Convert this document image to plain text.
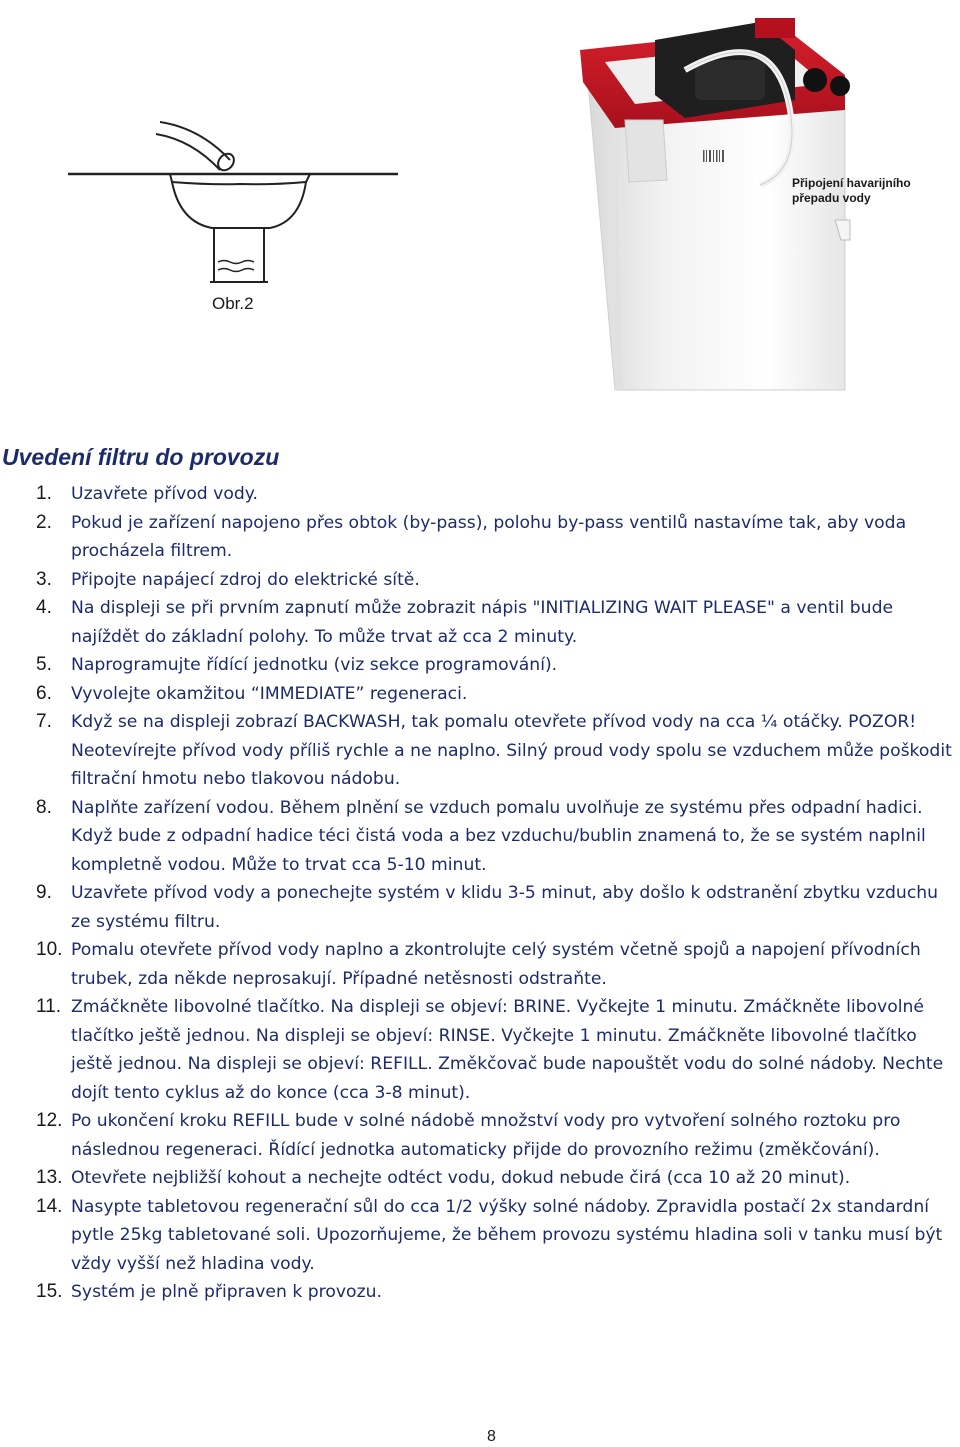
Obr.2
Připojení havarijního přepadu vody
Uvedení filtru do provozu
1. Uzavřete přívod vody.
2. Pokud je zařízení napojeno přes obtok (by-pass), polohu by-pass ventilů nastavíme tak, aby voda procházela filtrem.
3. Připojte napájecí zdroj do elektrické sítě.
4. Na displeji se při prvním zapnutí může zobrazit nápis "INITIALIZING WAIT PLEASE" a ventil bude najíždět do základní polohy. To může trvat až cca 2 minuty.
5. Naprogramujte řídící jednotku (viz sekce programování).
6. Vyvolejte okamžitou “IMMEDIATE” regeneraci.
7. Když se na displeji zobrazí BACKWASH, tak pomalu otevřete přívod vody na cca ¼ otáčky. POZOR! Neotevírejte přívod vody příliš rychle a ne naplno. Silný proud vody spolu se vzduchem může poškodit filtrační hmotu nebo tlakovou nádobu.
8. Naplňte zařízení vodou. Během plnění se vzduch pomalu uvolňuje ze systému přes odpadní hadici. Když bude z odpadní hadice téci čistá voda a bez vzduchu/bublin znamená to, že se systém naplnil kompletně vodou. Může to trvat cca 5-10 minut.
9. Uzavřete přívod vody a ponechejte systém v klidu 3-5 minut, aby došlo k odstranění zbytku vzduchu ze systému filtru.
10. Pomalu otevřete přívod vody naplno a zkontrolujte celý systém včetně spojů a napojení přívodních trubek, zda někde neprosakují. Případné netěsnosti odstraňte.
11. Zmáčkněte libovolné tlačítko. Na displeji se objeví: BRINE. Vyčkejte 1 minutu. Zmáčkněte libovolné tlačítko ještě jednou. Na displeji se objeví: RINSE. Vyčkejte 1 minutu. Zmáčkněte libovolné tlačítko ještě jednou. Na displeji se objeví: REFILL. Změkčovač bude napouštět vodu do solné nádoby. Nechte dojít tento cyklus až do konce (cca 3-8 minut).
12. Po ukončení kroku REFILL bude v solné nádobě množství vody pro vytvoření solného roztoku pro následnou regeneraci. Řídící jednotka automaticky přijde do provozního režimu (změkčování).
13. Otevřete nejbližší kohout a nechejte odtéct vodu, dokud nebude čirá (cca 10 až 20 minut).
14. Nasypte tabletovou regenerační sůl do cca 1/2 výšky solné nádoby. Zpravidla postačí 2x standardní pytle 25kg tabletované soli. Upozorňujeme, že během provozu systému hladina soli v tanku musí být vždy vyšší než hladina vody.
15. Systém je plně připraven k provozu.
8
